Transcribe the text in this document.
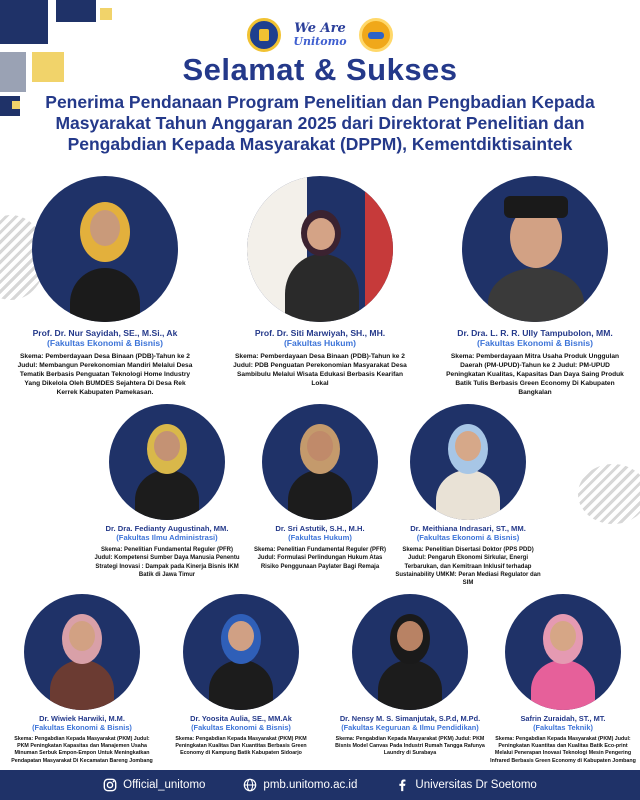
We Are
Unitomo
Selamat & Sukses
Penerima Pendanaan Program Penelitian dan Pengbadian Kepada Masyarakat Tahun Anggaran 2025 dari Direktorat Penelitian dan Pengabdian Kepada Masyarakat (DPPM), Kementdiktisaintek
Prof. Dr. Nur Sayidah, SE., M.Si., Ak
(Fakultas Ekonomi & Bisnis)
Skema: Pemberdayaan Desa Binaan (PDB)-Tahun ke 2 Judul: Membangun Perekonomian Mandiri Melalui Desa Tematik Berbasis Penguatan Teknologi Home Industry Yang Dikelola Oleh BUMDES Sejahtera Di Desa Rek Kerrek Kabupaten Pamekasan.
Prof. Dr. Siti Marwiyah, SH., MH.
(Fakultas Hukum)
Skema: Pemberdayaan Desa Binaan (PDB)-Tahun ke 2 Judul: PDB Penguatan Perekonomian Masyarakat Desa Sambibulu Melalui Wisata Edukasi Berbasis Kearifan Lokal
Dr. Dra. L. R. R. Ully Tampubolon, MM.
(Fakultas Ekonomi & Bisnis)
Skema: Pemberdayaan Mitra Usaha Produk Unggulan Daerah (PM-UPUD)-Tahun ke 2 Judul: PM-UPUD Peningkatan Kualitas, Kapasitas Dan Daya Saing Produk Batik Tulis Berbasis Green Economy Di Kabupaten Bangkalan
Dr. Dra. Fedianty Augustinah, MM.
(Fakultas Ilmu Administrasi)
Skema: Penelitian Fundamental Reguler (PFR) Judul: Kompetensi Sumber Daya Manusia Penentu Strategi Inovasi : Dampak pada Kinerja Bisnis IKM Batik di Jawa Timur
Dr. Sri Astutik, S.H., M.H.
(Fakultas Hukum)
Skema: Penelitian Fundamental Reguler (PFR) Judul: Formulasi Perlindungan Hukum Atas Risiko Penggunaan Paylater Bagi Remaja
Dr. Meithiana Indrasari, ST., MM.
(Fakultas Ekonomi & Bisnis)
Skema: Penelitian Disertasi Doktor (PPS PDD) Judul: Pengaruh Ekonomi Sirkular, Energi Terbarukan, dan Kemitraan Inklusif terhadap Sustainability UMKM: Peran Mediasi Regulator dan SIM
Dr. Wiwiek Harwiki, M.M.
(Fakultas Ekonomi & Bisnis)
Skema: Pengabdian Kepada Masyarakat (PKM) Judul: PKM Peningkatan Kapasitas dan Manajemen Usaha Minuman Serbuk Empon-Empon Untuk Meningkatkan Pendapatan Masyarakat Di Kecamatan Bareng Jombang
Dr. Yoosita Aulia, SE., MM.Ak
(Fakultas Ekonomi & Bisnis)
Skema: Pengabdian Kepada Masyarakat (PKM) PKM Peningkatan Kualitas Dan Kuantitas Berbasis Green Economy di Kampung Batik Kabupaten Sidoarjo
Dr. Nensy M. S. Simanjutak, S.P.d, M.Pd.
(Fakultas Keguruan & Ilmu Pendidikan)
Skema: Pengabdian Kepada Masyarakat (PKM) Judul: PKM Bisnis Model Canvas Pada Industri Rumah Tangga Rafunya Laundry di Surabaya
Safrin Zuraidah, ST., MT.
(Fakultas Teknik)
Skema: Pengabdian Kepada Masyarakat (PKM) Judul: Peningkatan Kuantitas dan Kualitas Batik Eco-print Melalui Penerapan Inovasi Teknologi Mesin Pengering Infrared Berbasis Green Economy di Kabupaten Jombang
Official_unitomo	pmb.unitomo.ac.id	Universitas Dr Soetomo
